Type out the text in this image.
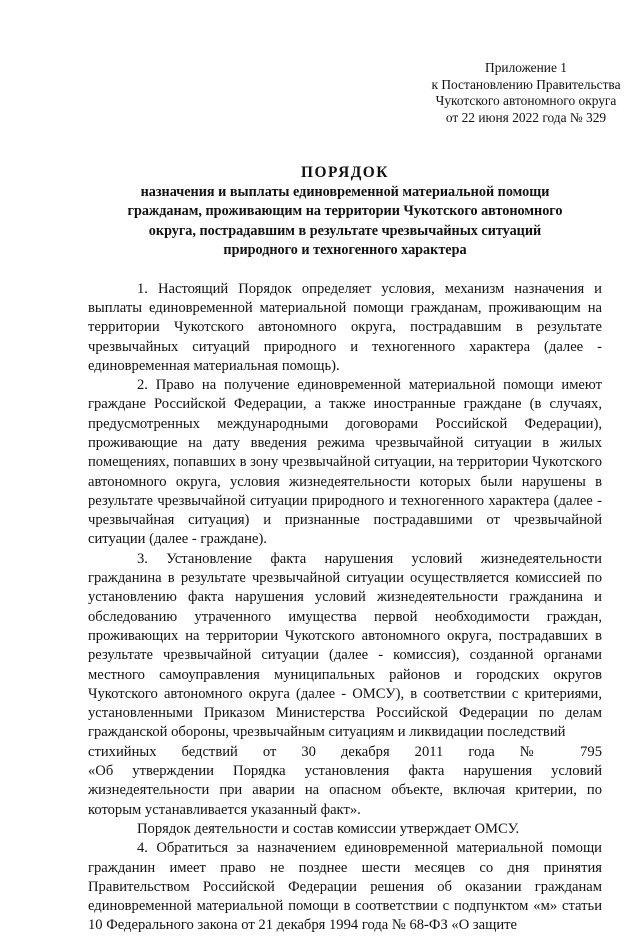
Приложение 1
к Постановлению Правительства
Чукотского автономного округа
от 22 июня 2022 года № 329
ПОРЯДОК
назначения и выплаты единовременной материальной помощи гражданам, проживающим на территории Чукотского автономного округа, пострадавшим в результате чрезвычайных ситуаций природного и техногенного характера

1. Настоящий Порядок определяет условия, механизм назначения и выплаты единовременной материальной помощи гражданам, проживающим на территории Чукотского автономного округа, пострадавшим в результате чрезвычайных ситуаций природного и техногенного характера (далее - единовременная материальная помощь).

2. Право на получение единовременной материальной помощи имеют граждане Российской Федерации, а также иностранные граждане (в случаях, предусмотренных международными договорами Российской Федерации), проживающие на дату введения режима чрезвычайной ситуации в жилых помещениях, попавших в зону чрезвычайной ситуации, на территории Чукотского автономного округа, условия жизнедеятельности которых были нарушены в результате чрезвычайной ситуации природного и техногенного характера (далее - чрезвычайная ситуация) и признанные пострадавшими от чрезвычайной ситуации (далее - граждане).

3. Установление факта нарушения условий жизнедеятельности гражданина в результате чрезвычайной ситуации осуществляется комиссией по установлению факта нарушения условий жизнедеятельности гражданина и обследованию утраченного имущества первой необходимости граждан, проживающих на территории Чукотского автономного округа, пострадавших в результате чрезвычайной ситуации (далее - комиссия), созданной органами местного самоуправления муниципальных районов и городских округов Чукотского автономного округа (далее - ОМСУ), в соответствии с критериями, установленными Приказом Министерства Российской Федерации по делам гражданской обороны, чрезвычайным ситуациям и ликвидации последствий

стихийных бедствий от 30 декабря 2011 года № 795

«Об утверждении Порядка установления факта нарушения условий жизнедеятельности при аварии на опасном объекте, включая критерии, по которым устанавливается указанный факт».

Порядок деятельности и состав комиссии утверждает ОМСУ.

4. Обратиться за назначением единовременной материальной помощи гражданин имеет право не позднее шести месяцев со дня принятия Правительством Российской Федерации решения об оказании гражданам единовременной материальной помощи в соответствии с подпунктом «м» статьи 10 Федерального закона от 21 декабря 1994 года № 68-ФЗ «О защите
